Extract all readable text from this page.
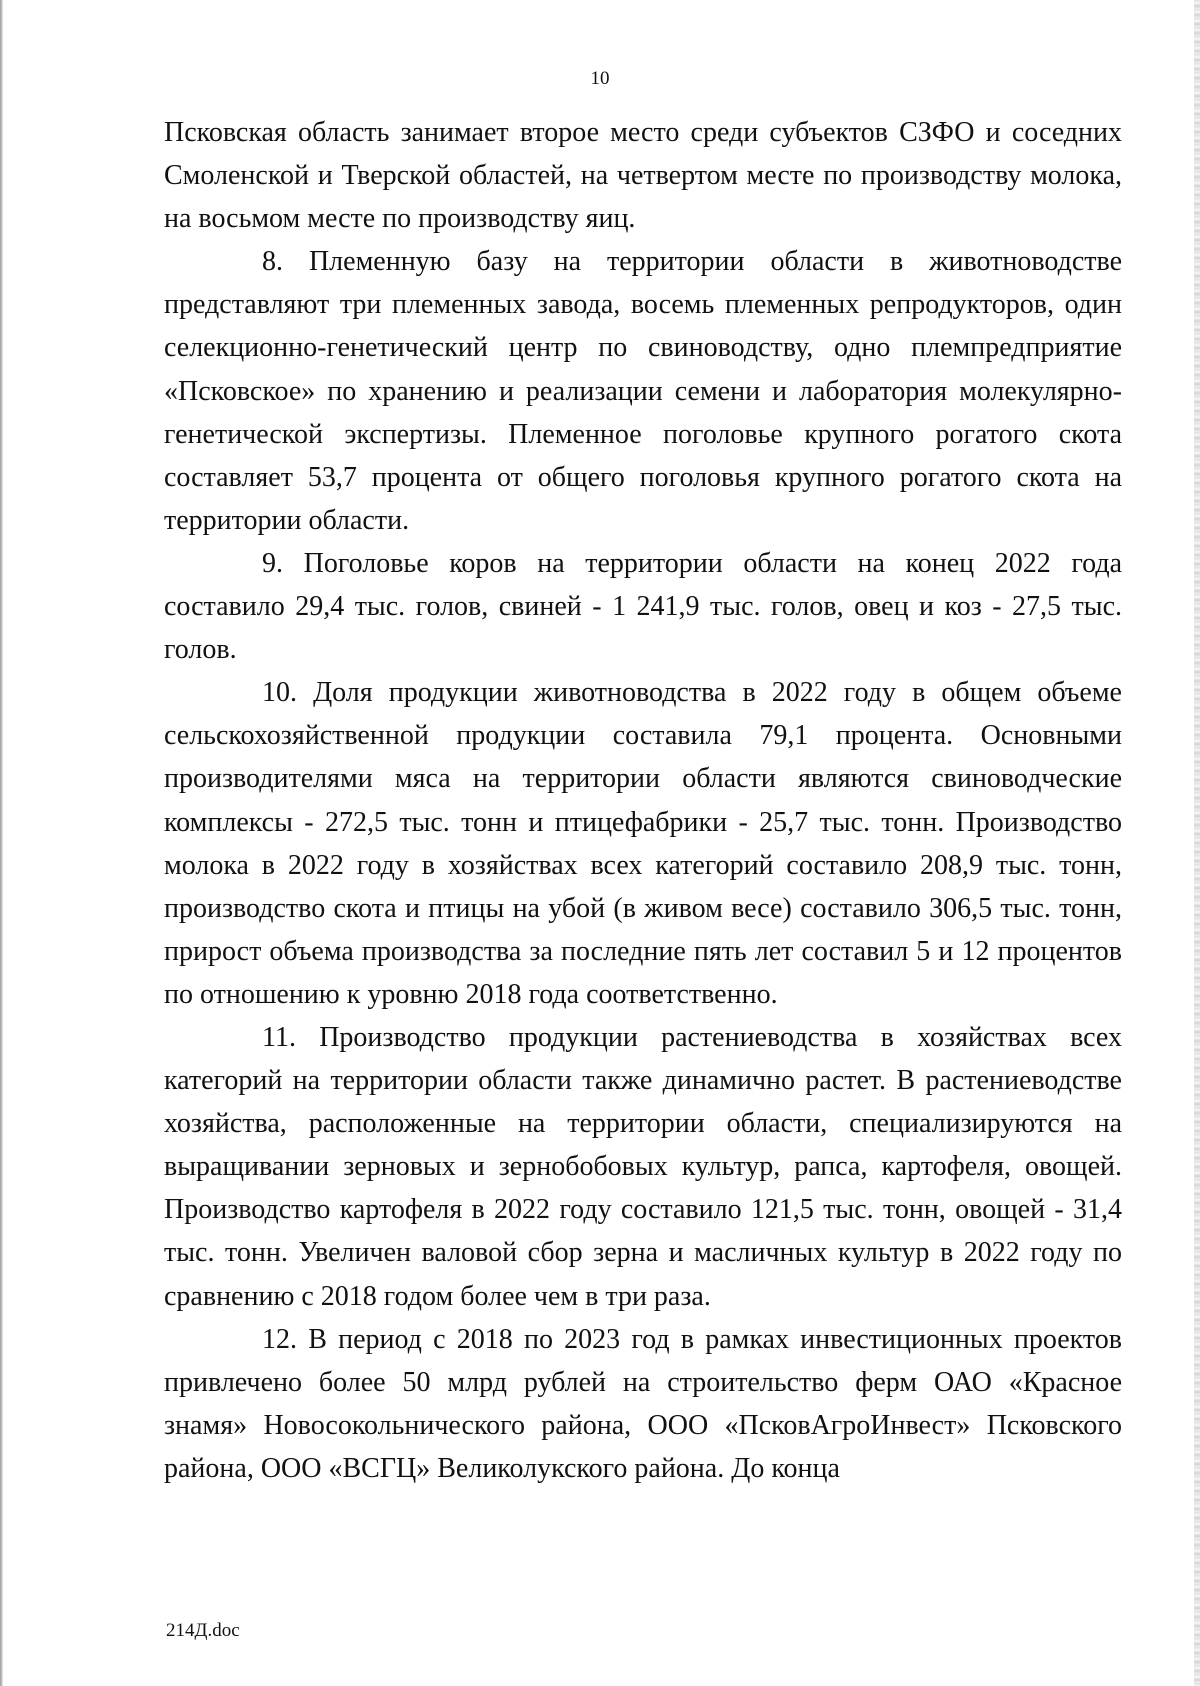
10

Псковская область занимает второе место среди субъектов СЗФО и соседних Смоленской и Тверской областей, на четвертом месте по производству молока, на восьмом месте по производству яиц.

8. Племенную базу на территории области в животноводстве представляют три племенных завода, восемь племенных репродукторов, один селекционно-генетический центр по свиноводству, одно племпредприятие «Псковское» по хранению и реализации семени и лаборатория молекулярно-генетической экспертизы. Племенное поголовье крупного рогатого скота составляет 53,7 процента от общего поголовья крупного рогатого скота на территории области.

9. Поголовье коров на территории области на конец 2022 года составило 29,4 тыс. голов, свиней - 1 241,9 тыс. голов, овец и коз - 27,5 тыс. голов.

10. Доля продукции животноводства в 2022 году в общем объеме сельскохозяйственной продукции составила 79,1 процента. Основными производителями мяса на территории области являются свиноводческие комплексы - 272,5 тыс. тонн и птицефабрики - 25,7 тыс. тонн. Производство молока в 2022 году в хозяйствах всех категорий составило 208,9 тыс. тонн, производство скота и птицы на убой (в живом весе) составило 306,5 тыс. тонн, прирост объема производства за последние пять лет составил 5 и 12 процентов по отношению к уровню 2018 года соответственно.

11. Производство продукции растениеводства в хозяйствах всех категорий на территории области также динамично растет. В растениеводстве хозяйства, расположенные на территории области, специализируются на выращивании зерновых и зернобобовых культур, рапса, картофеля, овощей. Производство картофеля в 2022 году составило 121,5 тыс. тонн, овощей - 31,4 тыс. тонн. Увеличен валовой сбор зерна и масличных культур в 2022 году по сравнению с 2018 годом более чем в три раза.

12. В период с 2018 по 2023 год в рамках инвестиционных проектов привлечено более 50 млрд рублей на строительство ферм ОАО «Красное знамя» Новосокольнического района, ООО «ПсковАгроИнвест» Псковского района, ООО «ВСГЦ» Великолукского района. До конца

214Д.doc
